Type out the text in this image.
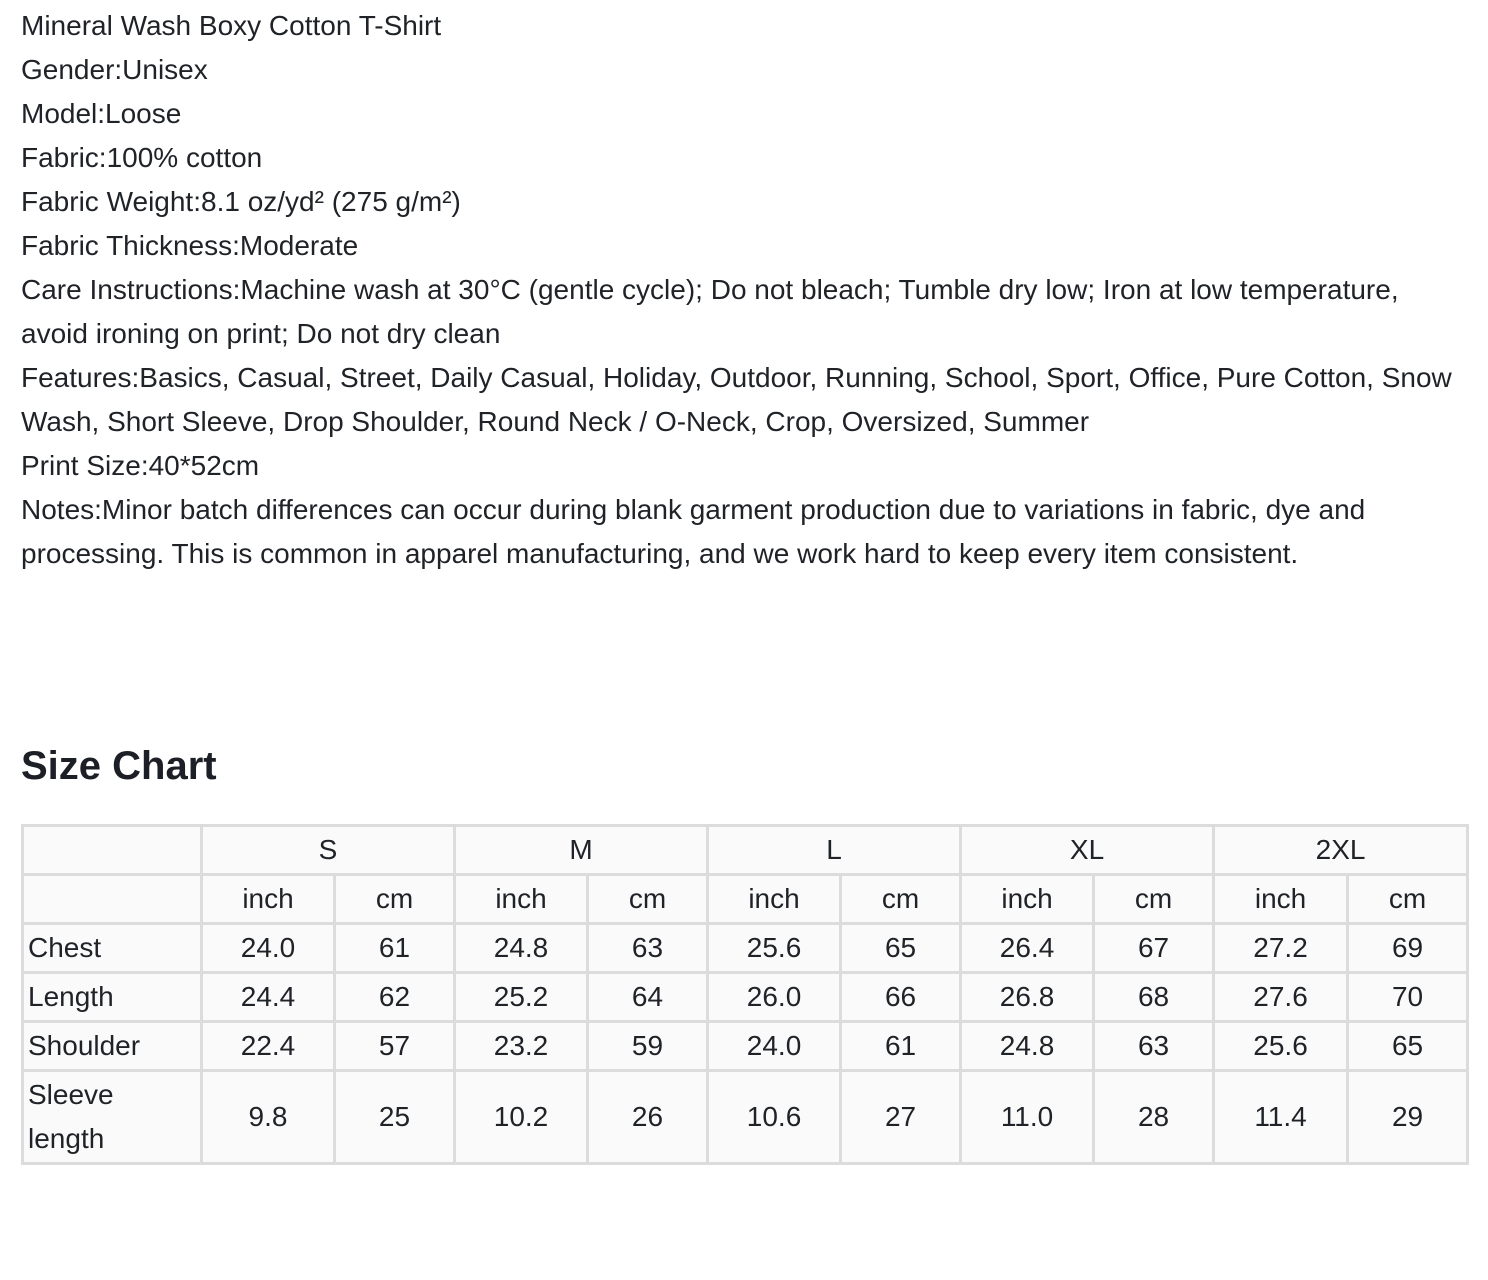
Mineral Wash Boxy Cotton T-Shirt

Gender:Unisex

Model:Loose

Fabric:100% cotton

Fabric Weight:8.1 oz/yd² (275 g/m²)

Fabric Thickness:Moderate

Care Instructions:Machine wash at 30°C (gentle cycle); Do not bleach; Tumble dry low; Iron at low temperature, avoid ironing on print; Do not dry clean

Features:Basics, Casual, Street, Daily Casual, Holiday, Outdoor, Running, School, Sport, Office, Pure Cotton, Snow Wash, Short Sleeve, Drop Shoulder, Round Neck / O-Neck, Crop, Oversized, Summer

Print Size:40*52cm

Notes:Minor batch differences can occur during blank garment production due to variations in fabric, dye and processing. This is common in apparel manufacturing, and we work hard to keep every item consistent.

Size Chart
	S		M		L		XL		2XL	
	inch	cm	inch	cm	inch	cm	inch	cm	inch	cm
Chest	24.0	61	24.8	63	25.6	65	26.4	67	27.2	69
Length	24.4	62	25.2	64	26.0	66	26.8	68	27.6	70
Shoulder	22.4	57	23.2	59	24.0	61	24.8	63	25.6	65
Sleeve length	9.8	25	10.2	26	10.6	27	11.0	28	11.4	29
